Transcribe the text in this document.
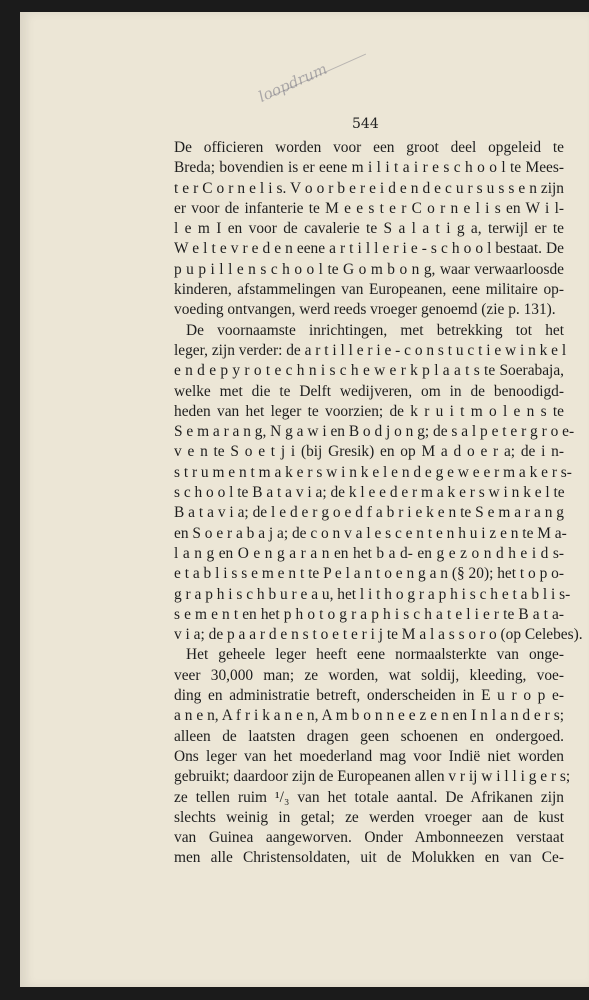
loopdrum
544
De officieren worden voor een groot deel opgeleid te
Breda; bovendien is er eene m i l i t a i r e s c h o o l te Mees-
t e r C o r n e l i s. V o o r b e r e i d e n d e c u r s u s s e n zijn
er voor de infanterie te M e e s t e r C o r n e l i s en W i l-
l e m I en voor de cavalerie te S a l a t i g a, terwijl er te
W e l t e v r e d e n eene a r t i l l e r i e - s c h o o l bestaat. De
p u p i l l e n s c h o o l te G o m b o n g, waar verwaarloosde
kinderen, afstammelingen van Europeanen, eene militaire op-
voeding ontvangen, werd reeds vroeger genoemd (zie p. 131).
De voornaamste inrichtingen, met betrekking tot het
leger, zijn verder: de a r t i l l e r i e - c o n s t u c t i e w i n k e l
e n d e p y r o t e c h n i s c h e w e r k p l a a t s te Soerabaja,
welke met die te Delft wedijveren, om in de benoodigd-
heden van het leger te voorzien; de k r u i t m o l e n s te
S e m a r a n g, N g a w i en B o d j o n g; de s a l p e t e r g r o e-
v e n te S o e t j i (bij Gresik) en op M a d o e r a; de i n-
s t r u m e n t m a k e r s w i n k e l e n d e g e w e e r m a k e r s-
s c h o o l te B a t a v i a; de k l e e d e r m a k e r s w i n k e l te
B a t a v i a; de l e d e r g o e d f a b r i e k e n te S e m a r a n g
en S o e r a b a j a; de c o n v a l e s c e n t e n h u i z e n te M a-
l a n g en O e n g a r a n en het b a d- en g e z o n d h e i d s-
e t a b l i s s e m e n t te P e l a n t o e n g a n (§ 20); het t o p o-
g r a p h i s c h b u r e a u, het l i t h o g r a p h i s c h e t a b l i s-
s e m e n t en het p h o t o g r a p h i s c h a t e l i e r te B a t a-
v i a; de p a a r d e n s t o e t e r i j te M a l a s s o r o (op Celebes).
Het geheele leger heeft eene normaalsterkte van onge-
veer 30,000 man; ze worden, wat soldij, kleeding, voe-
ding en administratie betreft, onderscheiden in E u r o p e-
a n e n, A f r i k a n e n, A m b o n n e e z e n en I n l a n d e r s;
alleen de laatsten dragen geen schoenen en ondergoed.
Ons leger van het moederland mag voor Indië niet worden
gebruikt; daardoor zijn de Europeanen allen v r ij w i l l i g e r s;
ze tellen ruim ¹/₃ van het totale aantal. De Afrikanen zijn
slechts weinig in getal; ze werden vroeger aan de kust
van Guinea aangeworven. Onder Ambonneezen verstaat
men alle Christensoldaten, uit de Molukken en van Ce-
